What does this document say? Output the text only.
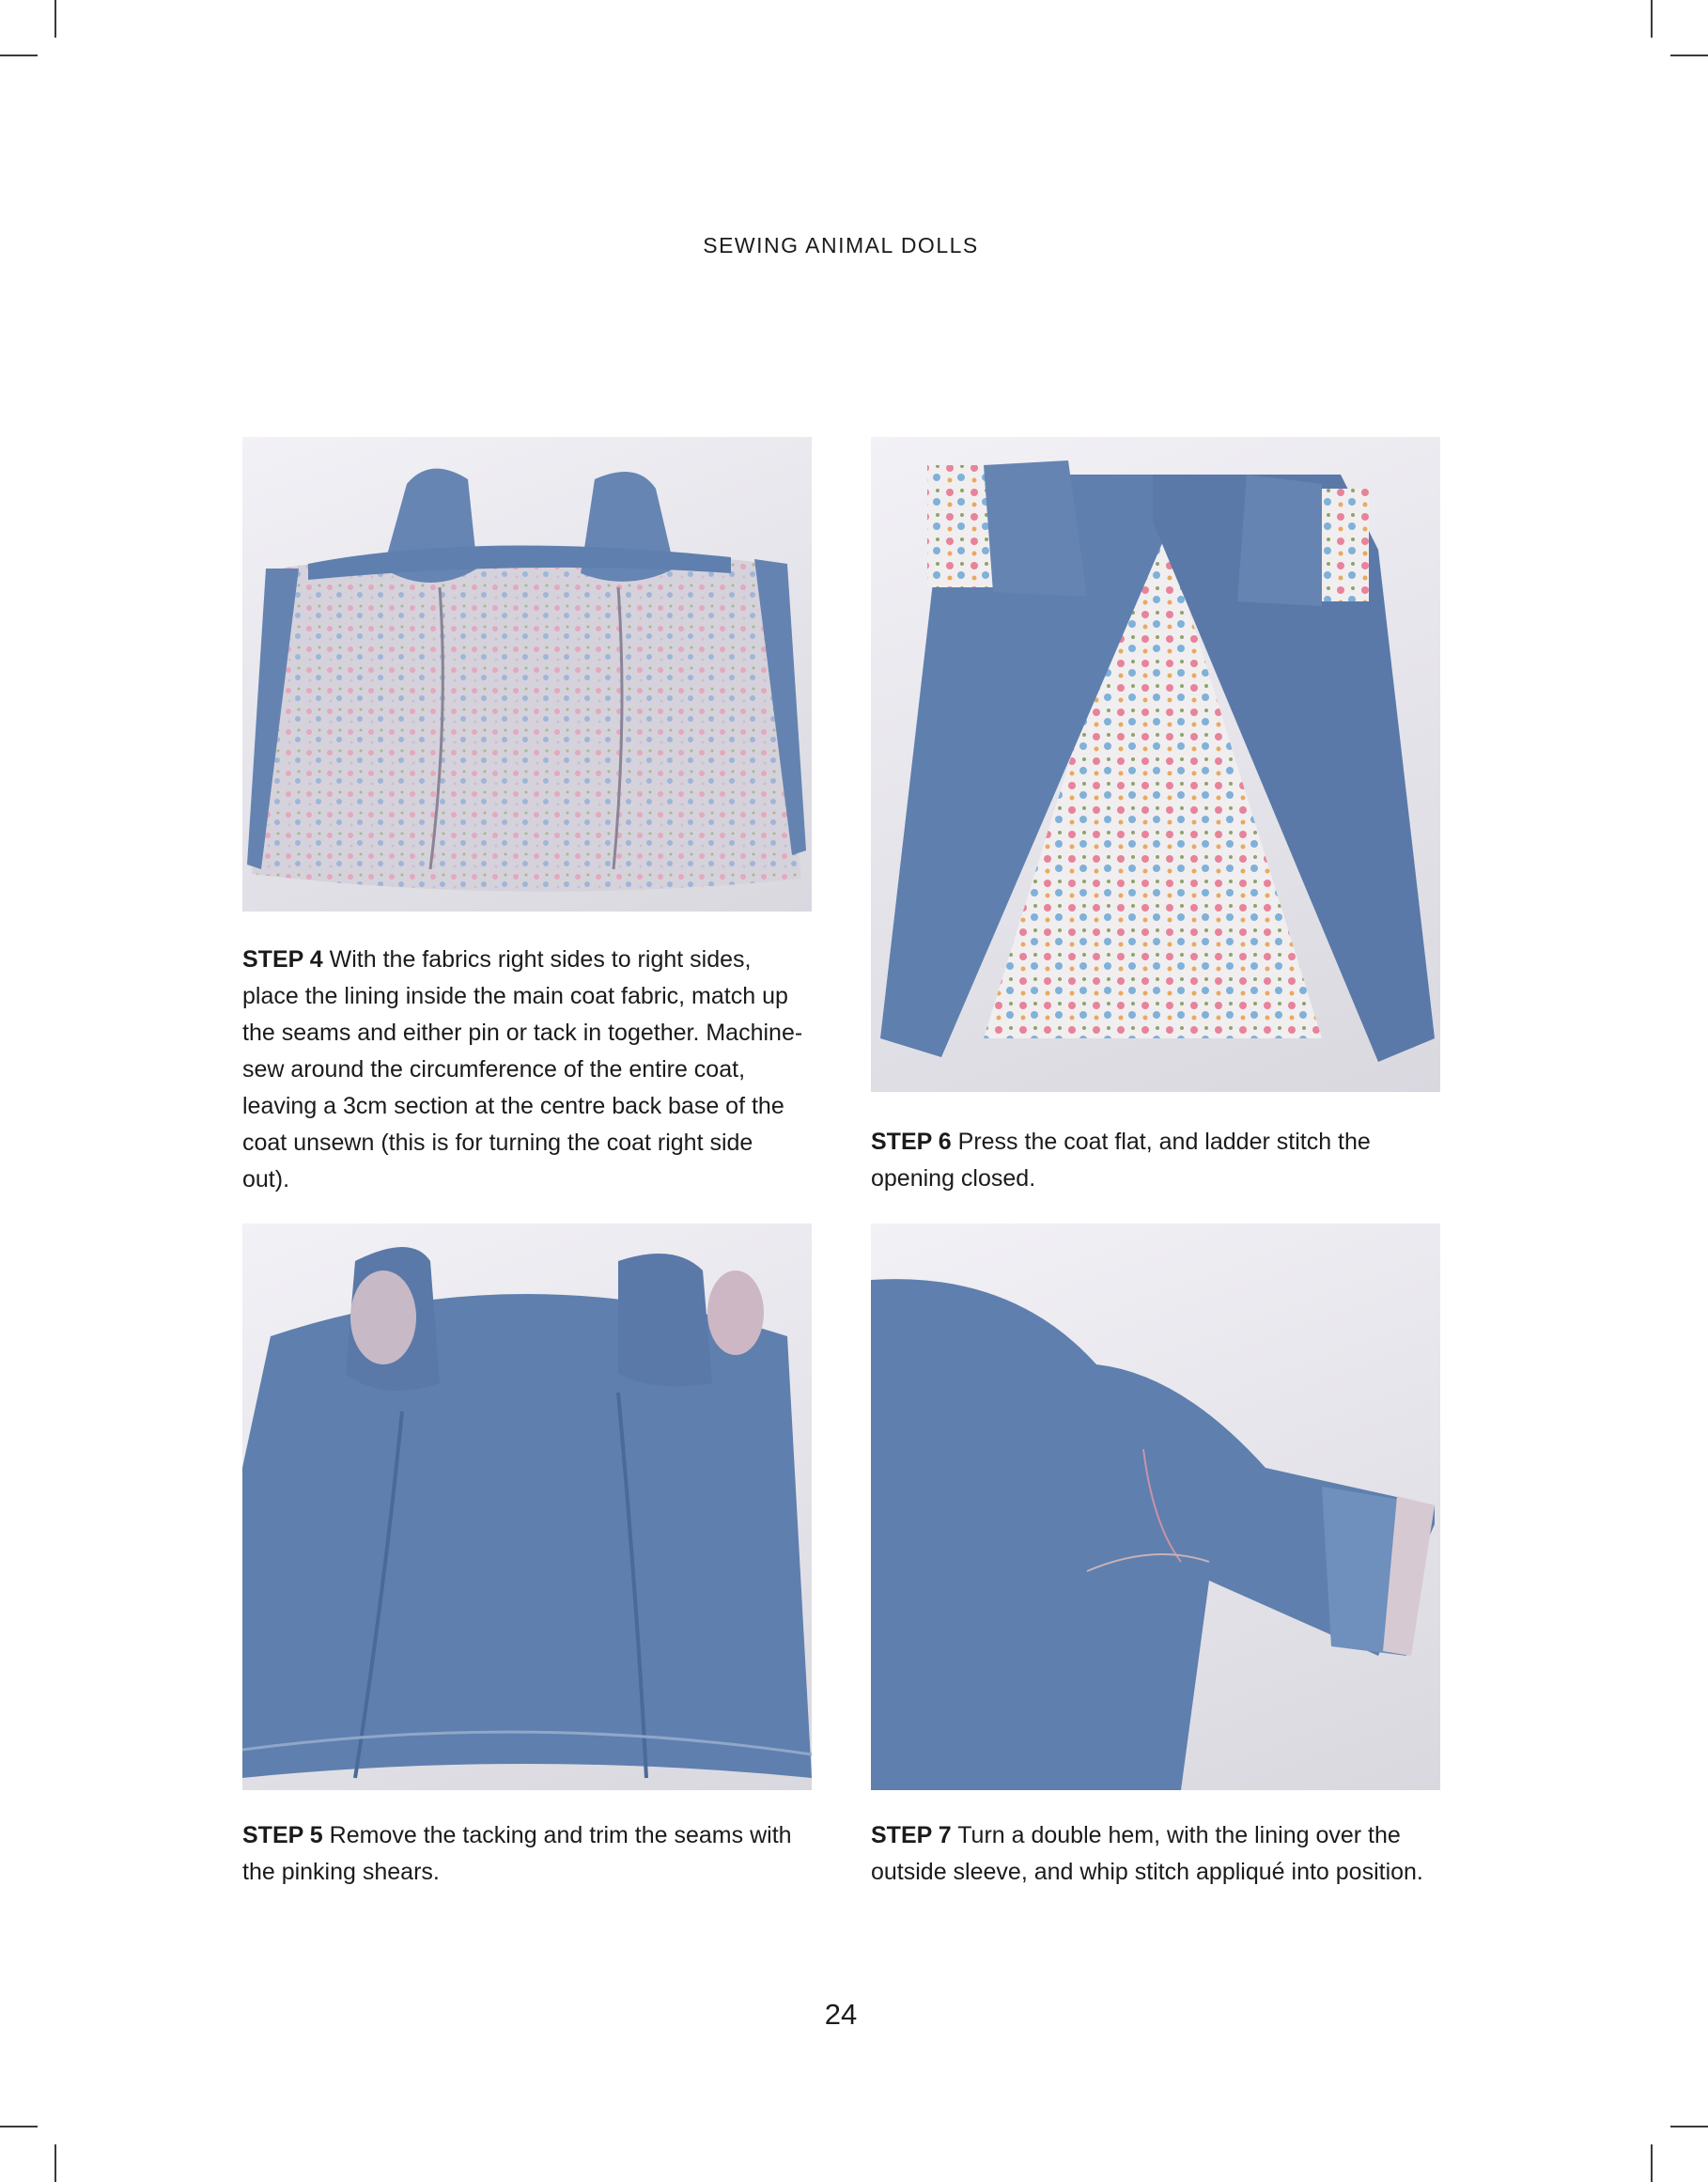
SEWING ANIMAL DOLLS
STEP 4 With the fabrics right sides to right sides, place the lining inside the main coat fabric, match up the seams and either pin or tack in together. Machine-sew around the circumference of the entire coat, leaving a 3cm section at the centre back base of the coat unsewn (this is for turning the coat right side out).
STEP 6 Press the coat flat, and ladder stitch the opening closed.
STEP 5 Remove the tacking and trim the seams with the pinking shears.
STEP 7 Turn a double hem, with the lining over the outside sleeve, and whip stitch appliqué into position.
24
